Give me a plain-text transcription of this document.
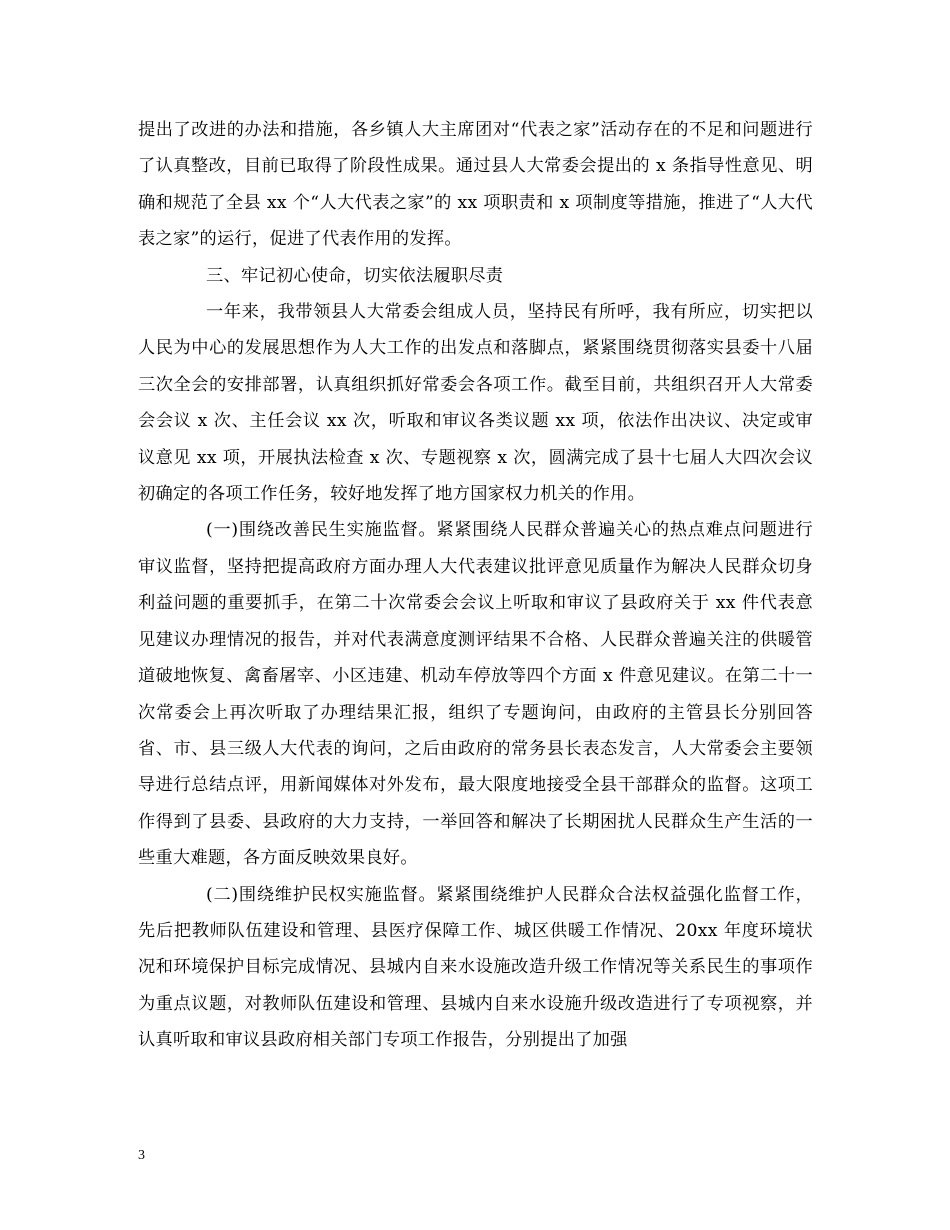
提出了改进的办法和措施，各乡镇人大主席团对“代表之家”活动存在的不足和问题进行了认真整改，目前已取得了阶段性成果。通过县人大常委会提出的 x 条指导性意见、明确和规范了全县 xx 个“人大代表之家”的 xx 项职责和 x 项制度等措施，推进了“人大代表之家”的运行，促进了代表作用的发挥。

三、牢记初心使命，切实依法履职尽责

一年来，我带领县人大常委会组成人员，坚持民有所呼，我有所应，切实把以人民为中心的发展思想作为人大工作的出发点和落脚点，紧紧围绕贯彻落实县委十八届三次全会的安排部署，认真组织抓好常委会各项工作。截至目前，共组织召开人大常委会会议 x 次、主任会议 xx 次，听取和审议各类议题 xx 项，依法作出决议、决定或审议意见 xx 项，开展执法检查 x 次、专题视察 x 次，圆满完成了县十七届人大四次会议初确定的各项工作任务，较好地发挥了地方国家权力机关的作用。

(一)围绕改善民生实施监督。紧紧围绕人民群众普遍关心的热点难点问题进行审议监督，坚持把提高政府方面办理人大代表建议批评意见质量作为解决人民群众切身利益问题的重要抓手，在第二十次常委会会议上听取和审议了县政府关于 xx 件代表意见建议办理情况的报告，并对代表满意度测评结果不合格、人民群众普遍关注的供暖管道破地恢复、禽畜屠宰、小区违建、机动车停放等四个方面 x 件意见建议。在第二十一次常委会上再次听取了办理结果汇报，组织了专题询问，由政府的主管县长分别回答省、市、县三级人大代表的询问，之后由政府的常务县长表态发言，人大常委会主要领导进行总结点评，用新闻媒体对外发布，最大限度地接受全县干部群众的监督。这项工作得到了县委、县政府的大力支持，一举回答和解决了长期困扰人民群众生产生活的一些重大难题，各方面反映效果良好。

(二)围绕维护民权实施监督。紧紧围绕维护人民群众合法权益强化监督工作，先后把教师队伍建设和管理、县医疗保障工作、城区供暖工作情况、20xx 年度环境状况和环境保护目标完成情况、县城内自来水设施改造升级工作情况等关系民生的事项作为重点议题，对教师队伍建设和管理、县城内自来水设施升级改造进行了专项视察，并认真听取和审议县政府相关部门专项工作报告，分别提出了加强

3
